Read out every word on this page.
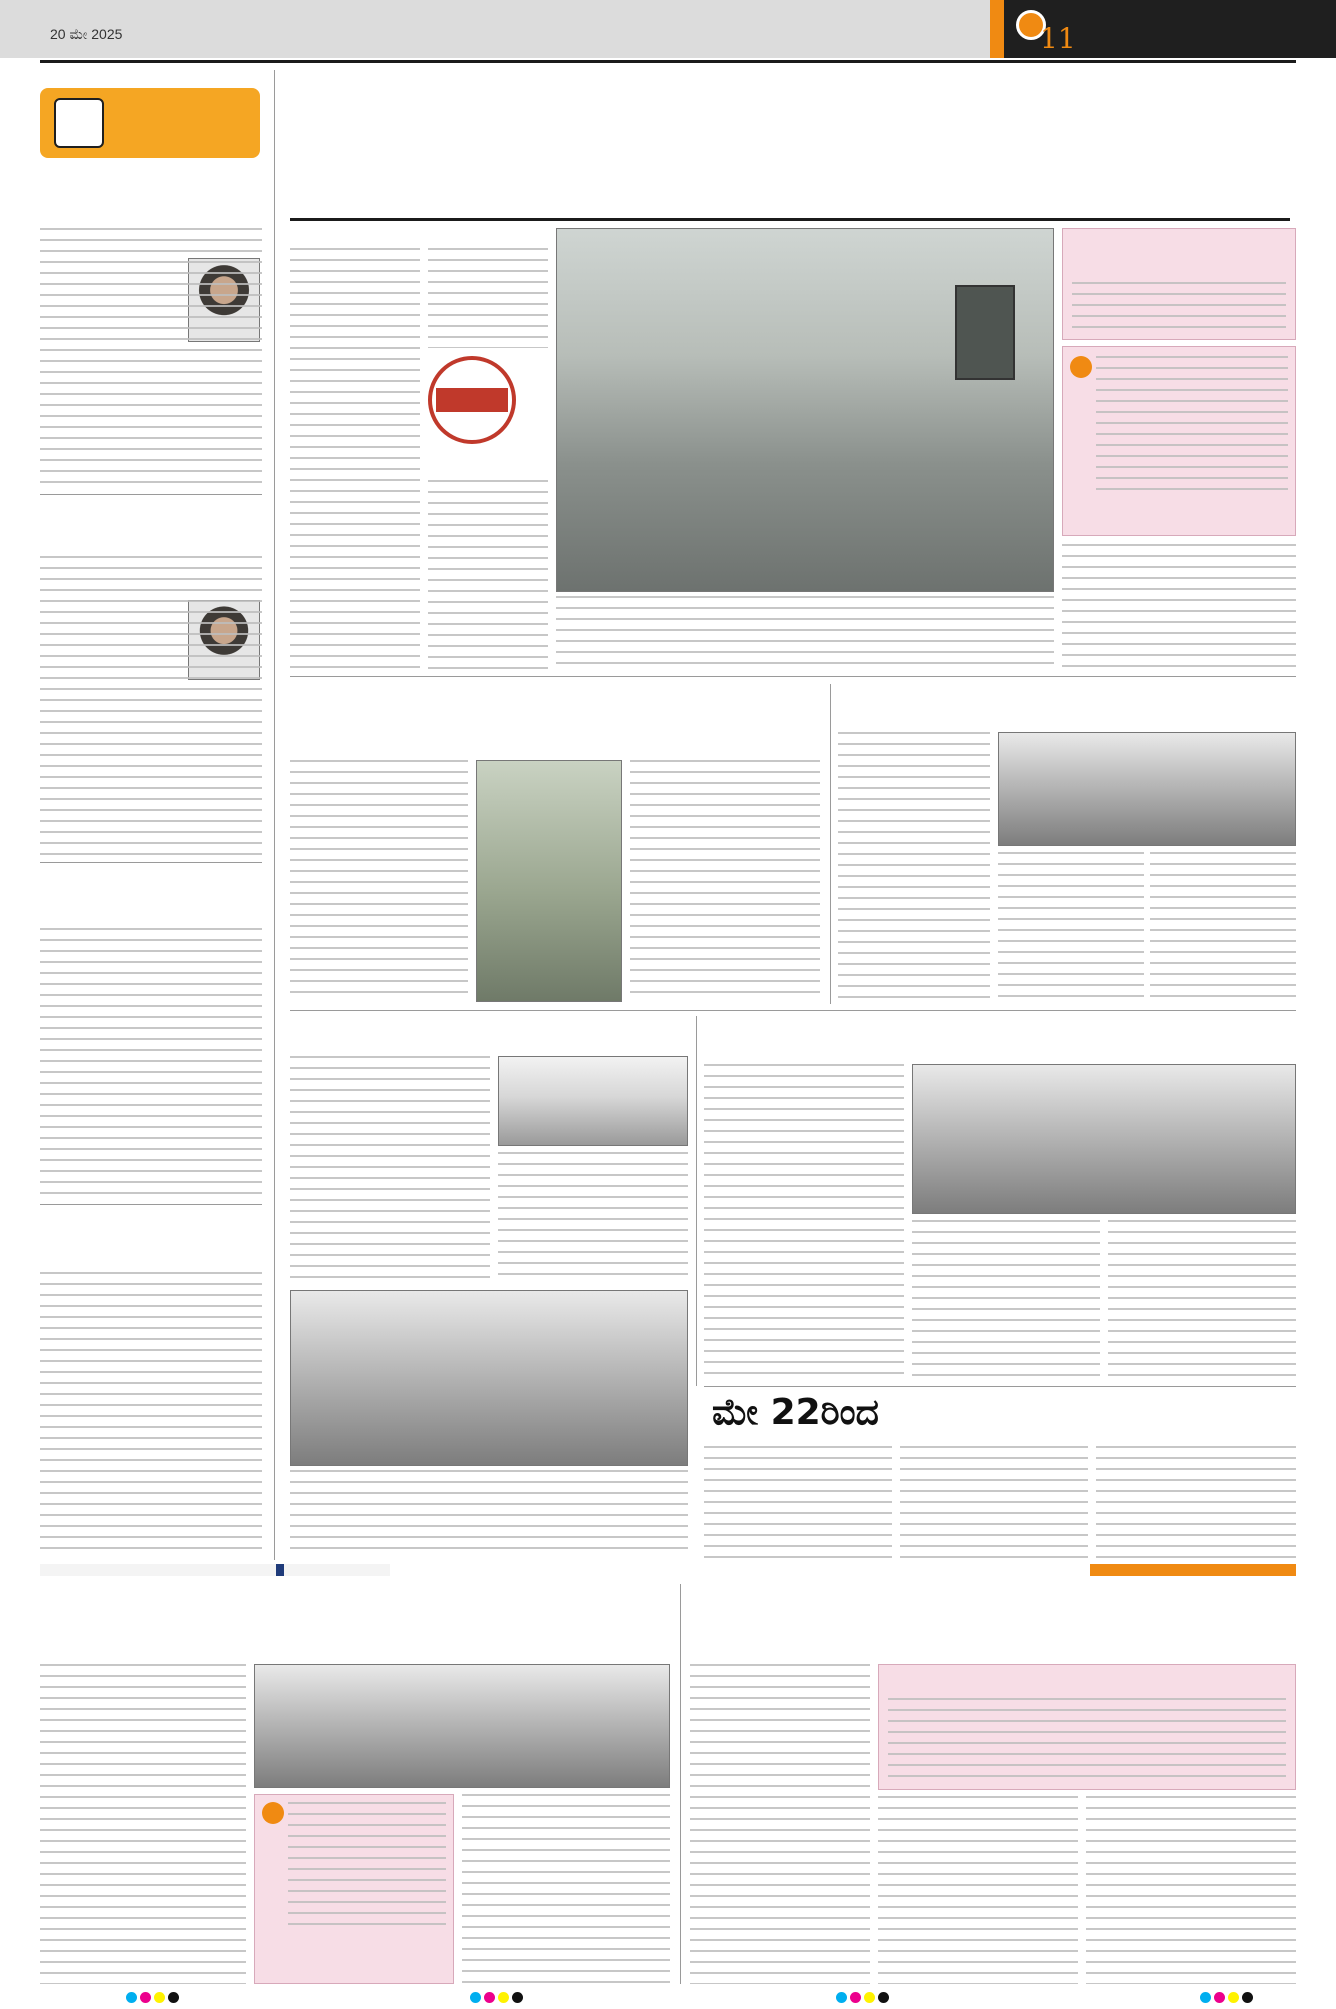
20 ಮೇ 2025	11
ಮೇ 22ರಿಂದ
